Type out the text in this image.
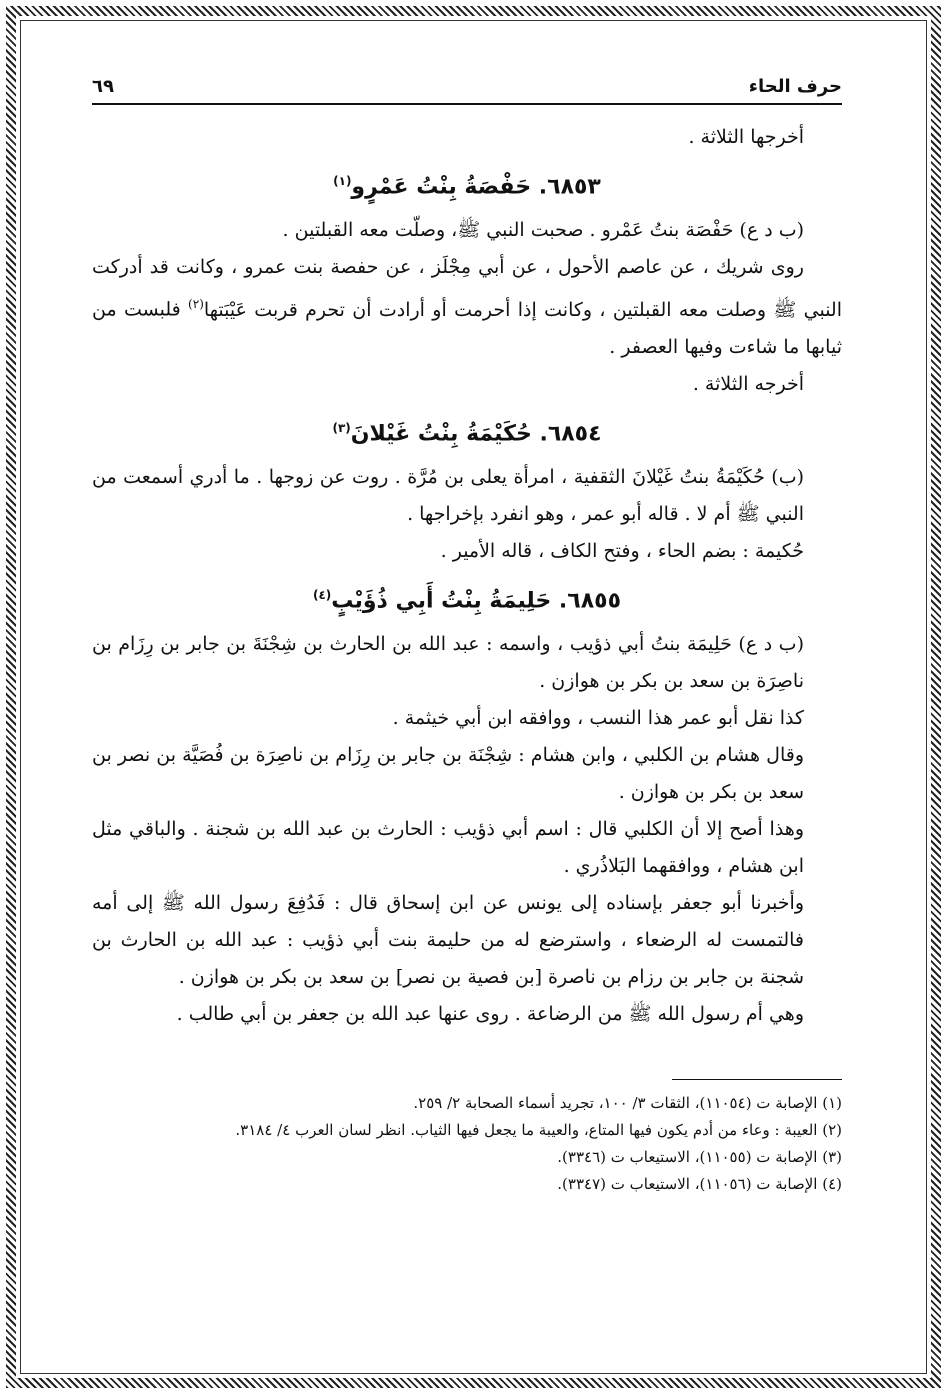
حرف الحاء
٦٩

أخرجها الثلاثة .

٦٨٥٣. حَفْصَةُ بِنْتُ عَمْرٍو$^{(١)}$

(ب د ع) حَفْصَة بنتُ عَمْرو . صحبت النبي ﷺ، وصلّت معه القبلتين .

روى شريك ، عن عاصم الأحول ، عن أبي مِجْلَز ، عن حفصة بنت عمرو ، وكانت قد أدركت النبي ﷺ وصلت معه القبلتين ، وكانت إذا أحرمت أو أرادت أن تحرم قربت عَيْبَتها$^{(٢)}$ فلبست من ثيابها ما شاءت وفيها العصفر .

أخرجه الثلاثة .

٦٨٥٤. حُكَيْمَةُ بِنْتُ غَيْلانَ$^{(٣)}$

(ب) حُكَيْمَةُ بنتُ غَيْلانَ الثقفية ، امرأة يعلى بن مُرَّة . روت عن زوجها . ما أدري أسمعت من النبي ﷺ أم لا . قاله أبو عمر ، وهو انفرد بإخراجها .

حُكيمة : بضم الحاء ، وفتح الكاف ، قاله الأمير .

٦٨٥٥. حَلِيمَةُ بِنْتُ أَبِي ذُؤَيْبٍ$^{(٤)}$

(ب د ع) حَلِيمَة بنتُ أبي ذؤيب ، واسمه : عبد الله بن الحارث بن شِجْنَةَ بن جابر بن رِزَام بن ناصِرَة بن سعد بن بكر بن هوازن .

كذا نقل أبو عمر هذا النسب ، ووافقه ابن أبي خيثمة .

وقال هشام بن الكلبي ، وابن هشام : شِجْنَة بن جابر بن رِزَام بن ناصِرَة بن فُصَيَّة بن نصر بن سعد بن بكر بن هوازن .

وهذا أصح إلا أن الكلبي قال : اسم أبي ذؤيب : الحارث بن عبد الله بن شجنة . والباقي مثل ابن هشام ، ووافقهما البَلاذُري .

وأخبرنا أبو جعفر بإسناده إلى يونس عن ابن إسحاق قال : فَدُفِعَ رسول الله ﷺ إلى أمه فالتمست له الرضعاء ، واسترضع له من حليمة بنت أبي ذؤيب : عبد الله بن الحارث بن شجنة بن جابر بن رزام بن ناصرة [بن فصية بن نصر] بن سعد بن بكر بن هوازن .

وهي أم رسول الله ﷺ من الرضاعة . روى عنها عبد الله بن جعفر بن أبي طالب .

(١) الإصابة ت (١١٠٥٤)، الثقات ٣/ ١٠٠، تجريد أسماء الصحابة ٢/ ٢٥٩.
(٢) العيبة : وعاء من أدم يكون فيها المتاع، والعيبة ما يجعل فيها الثياب. انظر لسان العرب ٤/ ٣١٨٤.
(٣) الإصابة ت (١١٠٥٥)، الاستيعاب ت (٣٣٤٦).
(٤) الإصابة ت (١١٠٥٦)، الاستيعاب ت (٣٣٤٧).
